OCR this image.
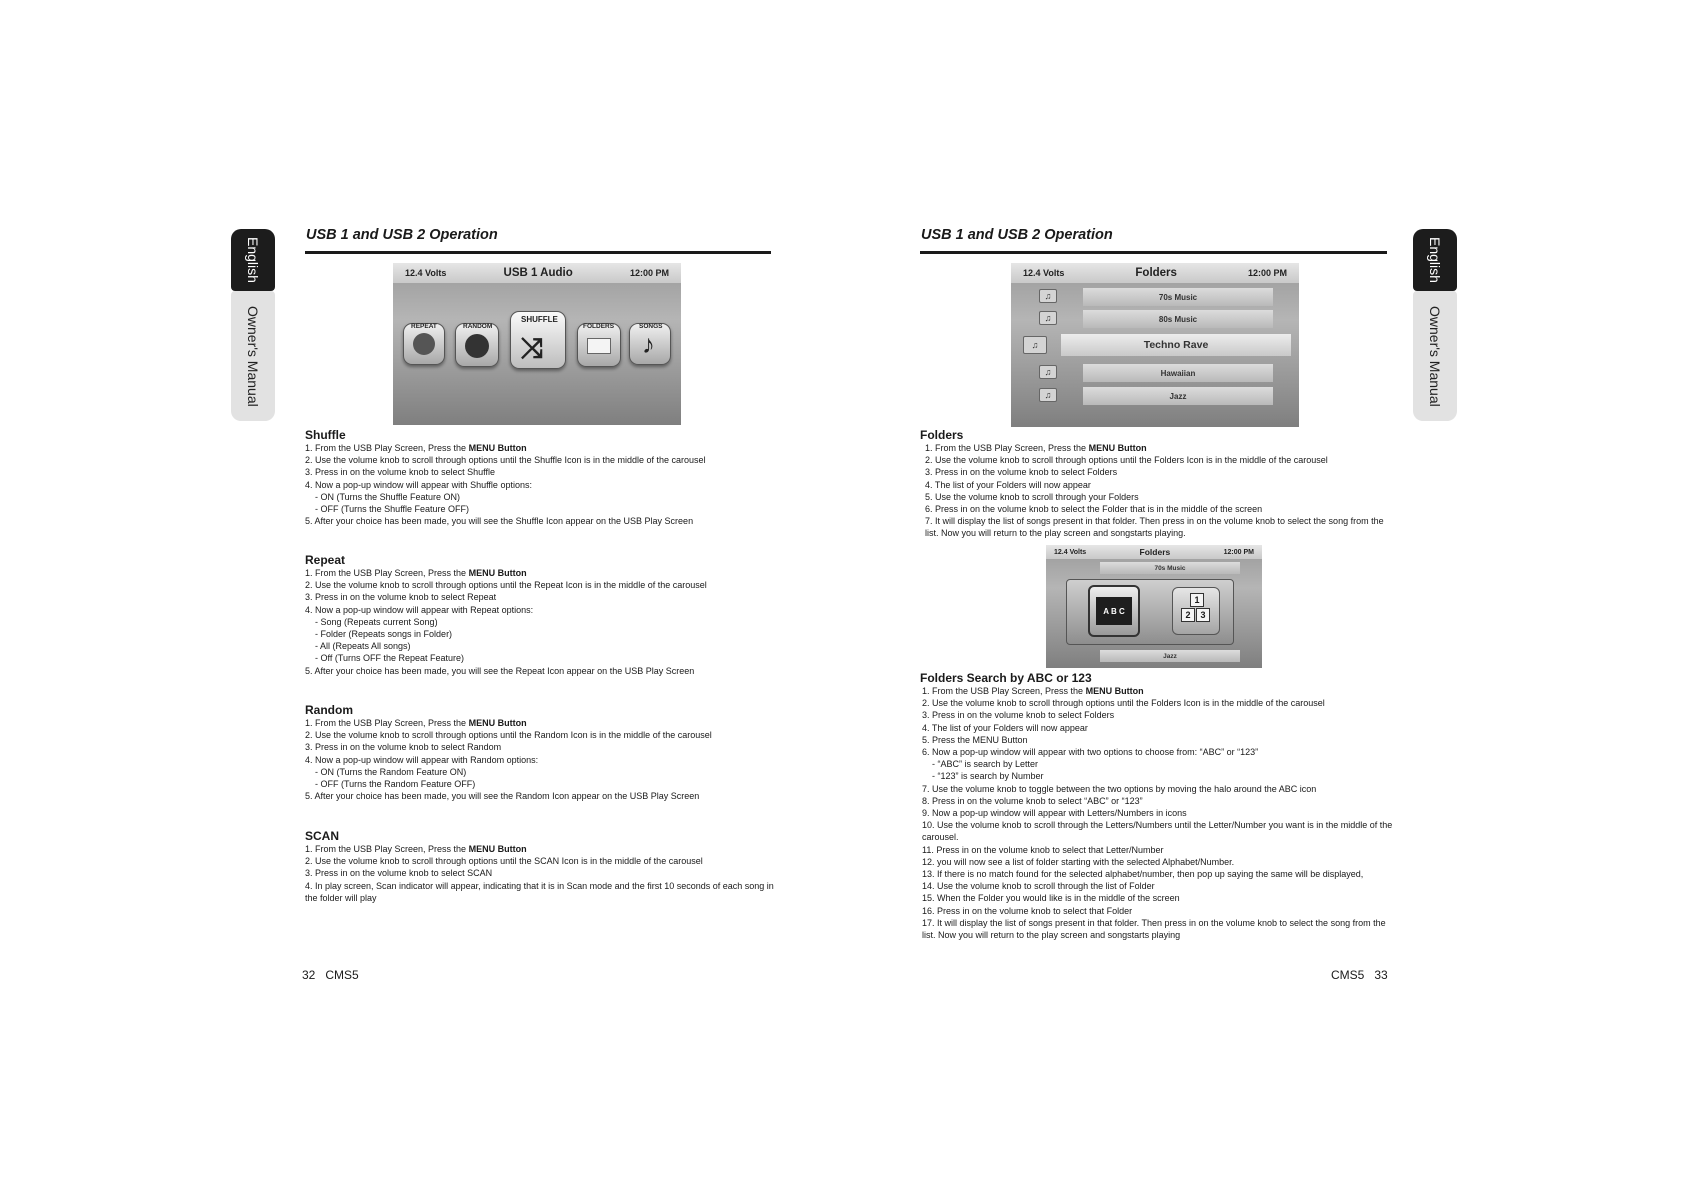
English
Owner's Manual
English
Owner's Manual
USB 1 and USB 2 Operation
12.4 Volts	USB 1 Audio	12:00 PM
REPEAT	RANDOM
⤨
SHUFFLE
FOLDERS
♪
SONGS
Shuffle
1. From the USB Play Screen, Press the MENU Button
2. Use the volume knob to scroll through options until the Shuffle Icon is in the middle of the carousel
3. Press in on the volume knob to select Shuffle
4. Now a pop-up window will appear with Shuffle options:
- ON (Turns the Shuffle Feature ON)
- OFF (Turns the Shuffle Feature OFF)
5. After your choice has been made, you will see the Shuffle Icon appear on the USB Play Screen
Repeat
1. From the USB Play Screen, Press the MENU Button
2. Use the volume knob to scroll through options until the Repeat Icon is in the middle of the carousel
3. Press in on the volume knob to select Repeat
4. Now a pop-up window will appear with Repeat options:
- Song (Repeats current Song)
- Folder (Repeats songs in Folder)
- All (Repeats All songs)
- Off (Turns OFF the Repeat Feature)
5. After your choice has been made, you will see the Repeat Icon appear on the USB Play Screen
Random
1. From the USB Play Screen, Press the MENU Button
2. Use the volume knob to scroll through options until the Random Icon is in the middle of the carousel
3. Press in on the volume knob to select Random
4. Now a pop-up window will appear with Random options:
- ON (Turns the Random Feature ON)
- OFF (Turns the Random Feature OFF)
5. After your choice has been made, you will see the Random Icon appear on the USB Play Screen
SCAN
1. From the USB Play Screen, Press the MENU Button
2. Use the volume knob to scroll through options until the SCAN Icon is in the middle of the carousel
3. Press in on the volume knob to select SCAN
4. In play screen, Scan indicator will appear, indicating that it is in Scan mode and the first 10 seconds of each song in the folder will play
32   CMS5
USB 1 and USB 2 Operation
12.4 Volts	Folders	12:00 PM
♫	70s Music
♫	80s Music
♫	Techno Rave
♫	Hawaiian
♫	Jazz
Folders
1. From the USB Play Screen, Press the MENU Button
2. Use the volume knob to scroll through options until the Folders Icon is in the middle of the carousel
3. Press in on the volume knob to select Folders
4. The list of your Folders will now appear
5. Use the volume knob to scroll through your Folders
6. Press in on the volume knob to select the Folder that is in the middle of the screen
7. It will display the list of songs present in that folder. Then press in on the volume knob to select the song from the list. Now you will return to the play screen and songstarts playing.
12.4 Volts	Folders	12:00 PM
70s Music
Jazz
A B C
1
2	3
Folders Search by ABC or 123
1. From the USB Play Screen, Press the MENU Button
2. Use the volume knob to scroll through options until the Folders Icon is in the middle of the carousel
3. Press in on the volume knob to select Folders
4. The list of your Folders will now appear
5. Press the MENU Button
6. Now a pop-up window will appear with two options to choose from: “ABC” or “123”
- “ABC” is search by Letter
- “123” is search by Number
7. Use the volume knob to toggle between the two options by moving the halo around the ABC icon
8. Press in on the volume knob to select “ABC” or “123”
9. Now a pop-up window will appear with Letters/Numbers in icons
10. Use the volume knob to scroll through the Letters/Numbers until the Letter/Number you want is in the middle of the carousel.
11. Press in on the volume knob to select that Letter/Number
12. you will now see a list of folder starting with the selected Alphabet/Number.
13. If there is no match found for the selected alphabet/number, then pop up saying the same will be displayed,
14. Use the volume knob to scroll through the list of Folder
15. When the Folder you would like is in the middle of the screen
16. Press in on the volume knob to select that Folder
17. It will display the list of songs present in that folder. Then press in on the volume knob to select the song from the list. Now you will return to the play screen and songstarts playing
CMS5   33
